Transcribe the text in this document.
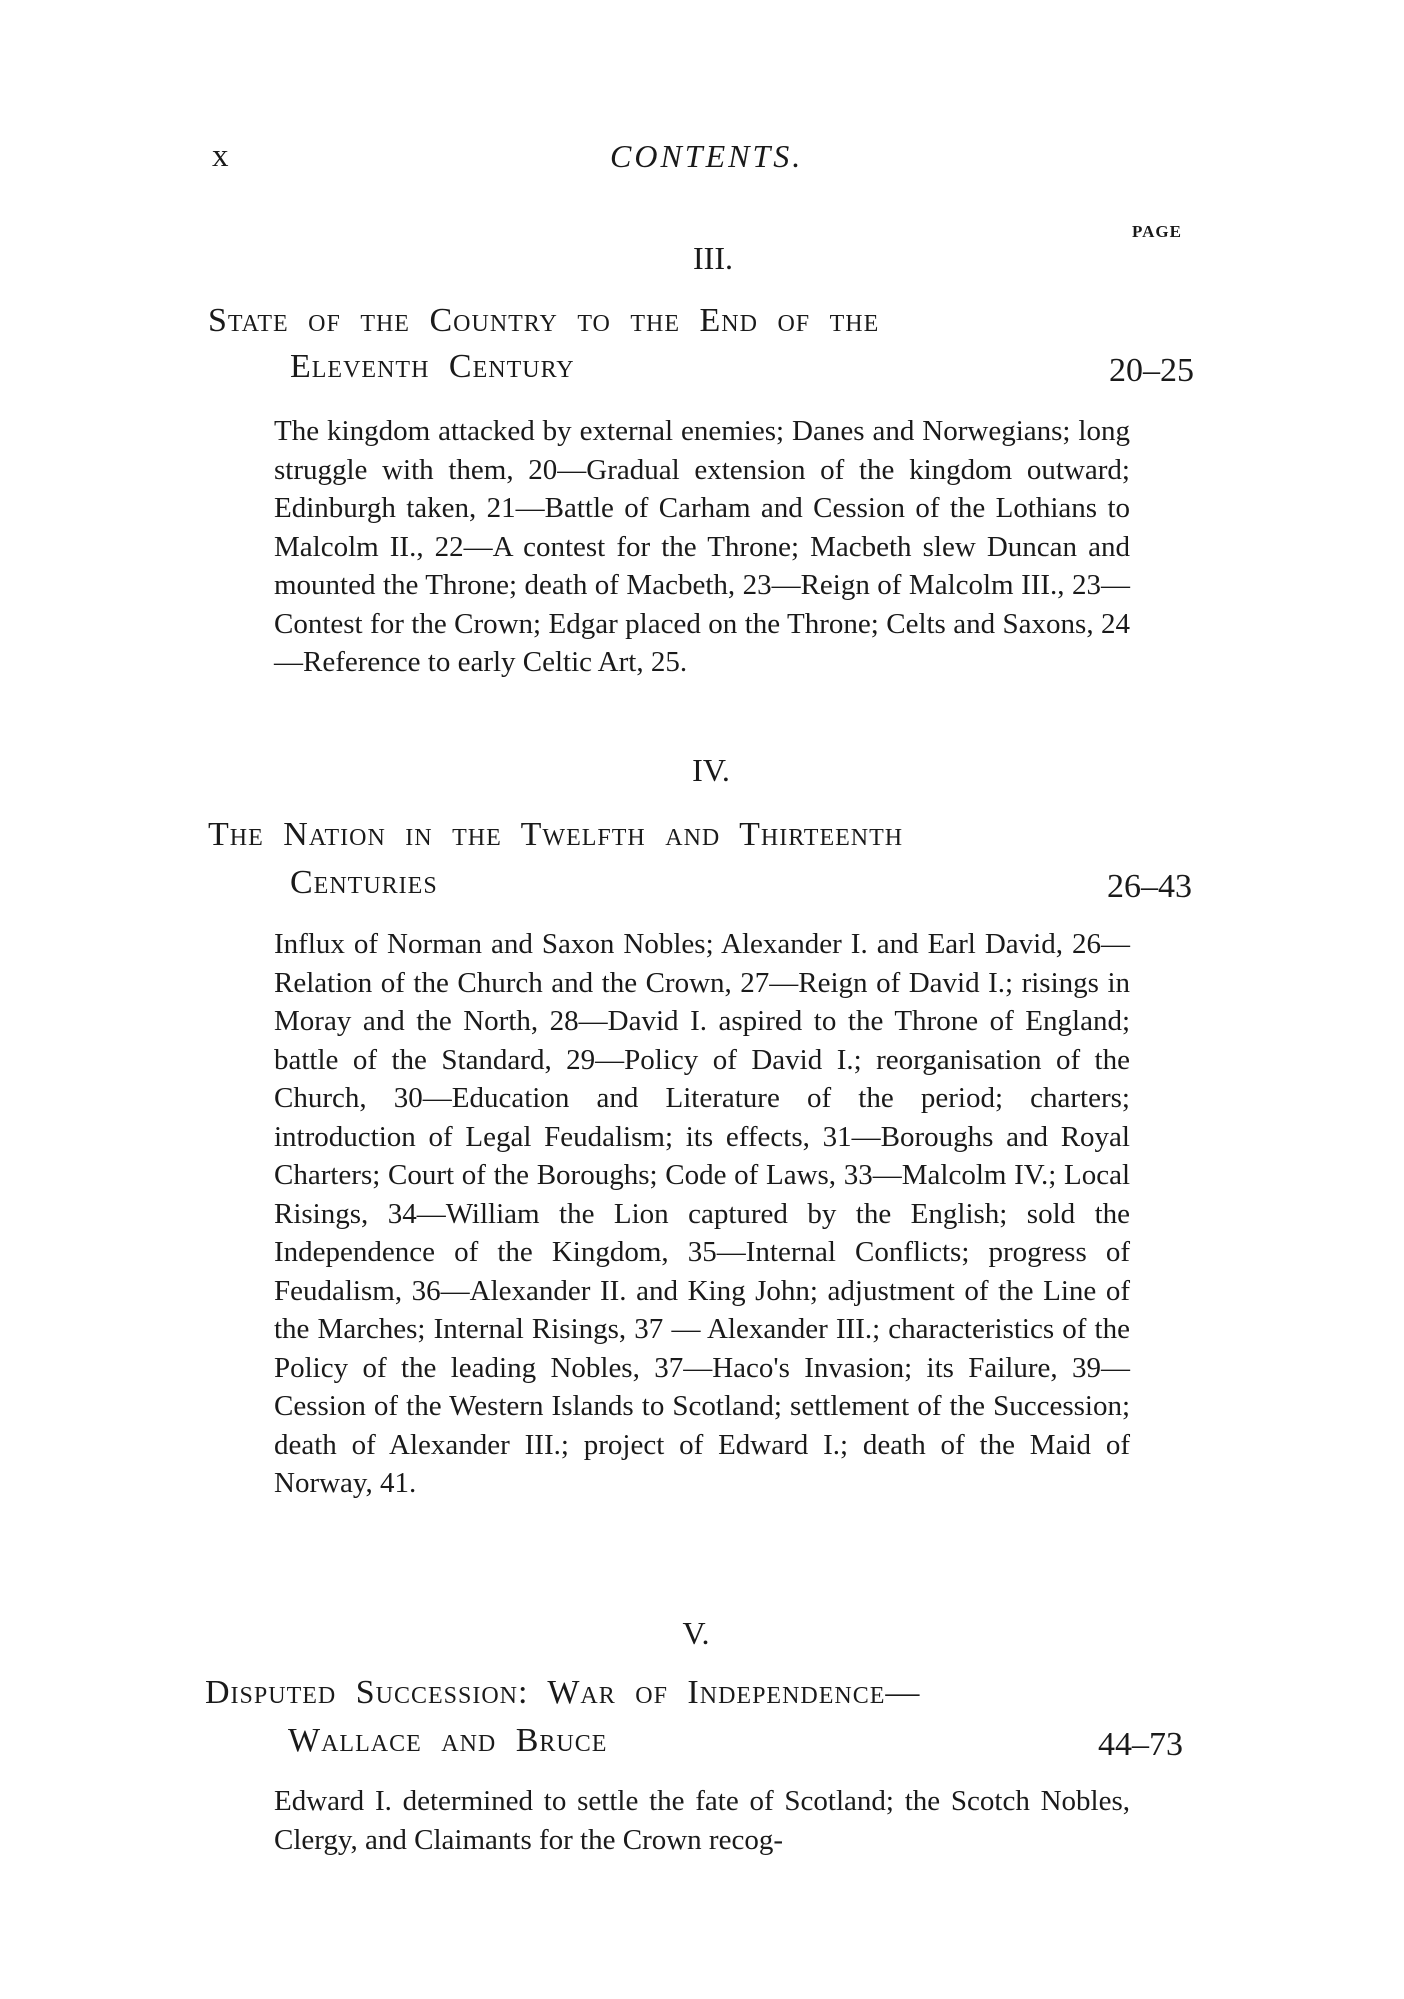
x	CONTENTS.
PAGE
III.
State of the Country to the End of the
Eleventh Century	20–25

The kingdom attacked by external enemies; Danes and Norwegians; long struggle with them, 20—Gradual extension of the kingdom outward; Edinburgh taken, 21—Battle of Carham and Cession of the Lothians to Malcolm II., 22—A contest for the Throne; Macbeth slew Duncan and mounted the Throne; death of Macbeth, 23—Reign of Malcolm III., 23—Contest for the Crown; Edgar placed on the Throne; Celts and Saxons, 24—Reference to early Celtic Art, 25.

IV.
The Nation in the Twelfth and Thirteenth
Centuries	26–43

Influx of Norman and Saxon Nobles; Alexander I. and Earl David, 26—Relation of the Church and the Crown, 27—Reign of David I.; risings in Moray and the North, 28—David I. aspired to the Throne of England; battle of the Standard, 29—Policy of David I.; reorganisation of the Church, 30—Education and Literature of the period; charters; introduction of Legal Feudalism; its effects, 31—Boroughs and Royal Charters; Court of the Boroughs; Code of Laws, 33—Malcolm IV.; Local Risings, 34—William the Lion captured by the English; sold the Independence of the Kingdom, 35—Internal Conflicts; progress of Feudalism, 36—Alexander II. and King John; adjustment of the Line of the Marches; Internal Risings, 37 — Alexander III.; characteristics of the Policy of the leading Nobles, 37—Haco's Invasion; its Failure, 39—Cession of the Western Islands to Scotland; settlement of the Succession; death of Alexander III.; project of Edward I.; death of the Maid of Norway, 41.

V.
Disputed Succession: War of Independence—
Wallace and Bruce	44–73

Edward I. determined to settle the fate of Scotland; the Scotch Nobles, Clergy, and Claimants for the Crown recog-
